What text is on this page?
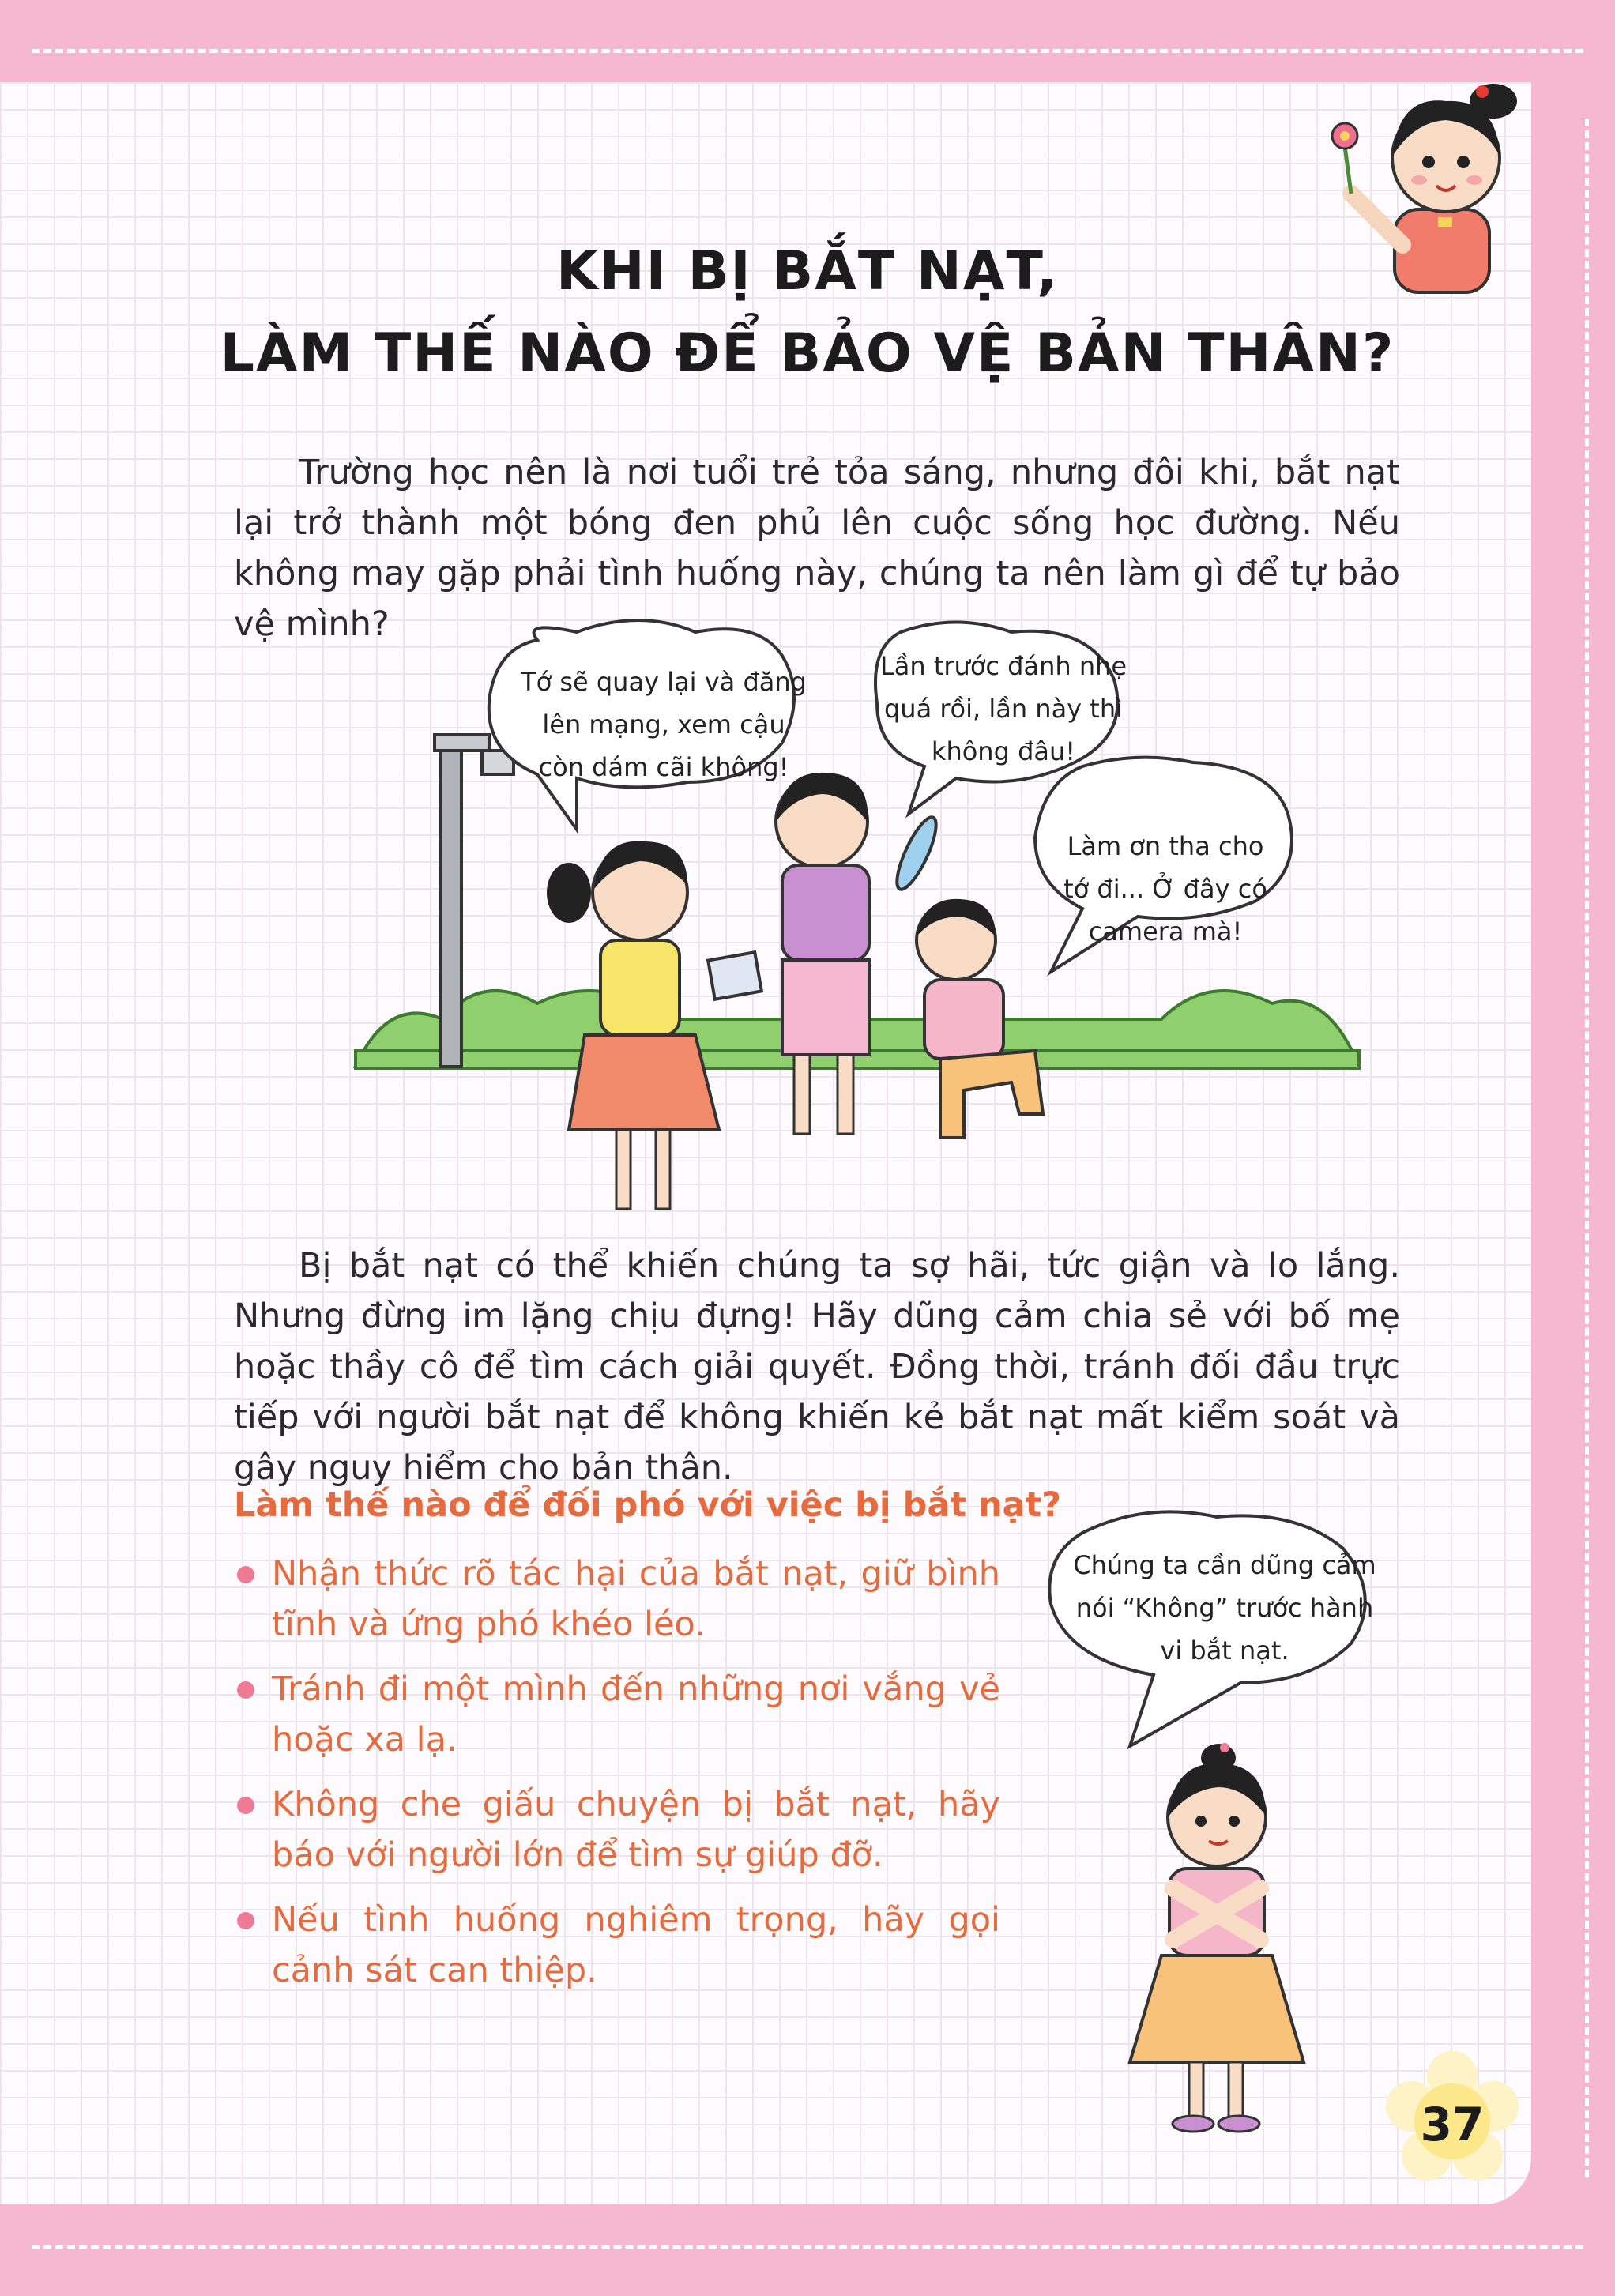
KHI BỊ BẮT NẠT,
LÀM THẾ NÀO ĐỂ BẢO VỆ BẢN THÂN?

Trường học nên là nơi tuổi trẻ tỏa sáng, nhưng đôi khi, bắt nạt lại trở thành một bóng đen phủ lên cuộc sống học đường. Nếu không may gặp phải tình huống này, chúng ta nên làm gì để tự bảo vệ mình?

Tớ sẽ quay lại và đăng
lên mạng, xem cậu
còn dám cãi không!
Lần trước đánh nhẹ
quá rồi, lần này thì
không đâu!
Làm ơn tha cho
tớ đi... Ở đây có
camera mà!

Bị bắt nạt có thể khiến chúng ta sợ hãi, tức giận và lo lắng. Nhưng đừng im lặng chịu đựng! Hãy dũng cảm chia sẻ với bố mẹ hoặc thầy cô để tìm cách giải quyết. Đồng thời, tránh đối đầu trực tiếp với người bắt nạt để không khiến kẻ bắt nạt mất kiểm soát và gây nguy hiểm cho bản thân.

Làm thế nào để đối phó với việc bị bắt nạt?
Nhận thức rõ tác hại của bắt nạt, giữ bình tĩnh và ứng phó khéo léo.
Tránh đi một mình đến những nơi vắng vẻ hoặc xa lạ.
Không che giấu chuyện bị bắt nạt, hãy báo với người lớn để tìm sự giúp đỡ.
Nếu tình huống nghiêm trọng, hãy gọi cảnh sát can thiệp.
Chúng ta cần dũng cảm
nói “Không” trước hành
vi bắt nạt.
37
